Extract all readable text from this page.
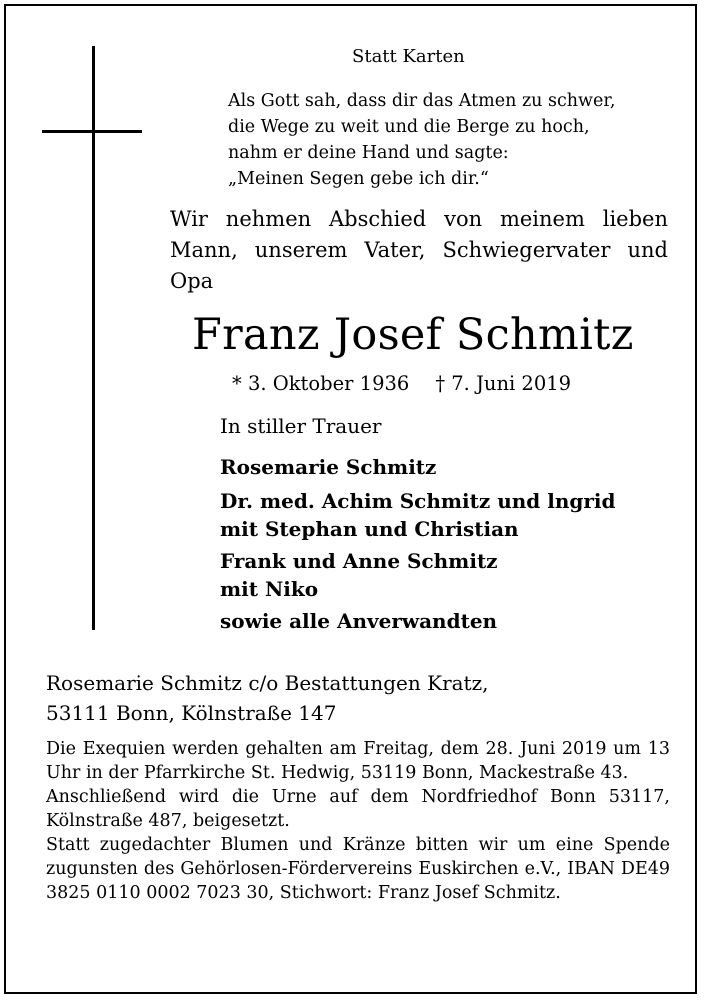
Statt Karten
Als Gott sah, dass dir das Atmen zu schwer,
die Wege zu weit und die Berge zu hoch,
nahm er deine Hand und sagte:
„Meinen Segen gebe ich dir.“
Wir nehmen Abschied von meinem lieben Mann, unserem Vater, Schwiegervater und Opa
Franz Josef Schmitz
* 3. Oktober 1936 † 7. Juni 2019
In stiller Trauer
Rosemarie Schmitz
Dr. med. Achim Schmitz und lngrid
mit Stephan und Christian
Frank und Anne Schmitz
mit Niko
sowie alle Anverwandten
Rosemarie Schmitz c/o Bestattungen Kratz,
53111 Bonn, Kölnstraße 147

Die Exequien werden gehalten am Freitag, dem 28. Juni 2019 um 13 Uhr in der Pfarrkirche St. Hedwig, 53119 Bonn, Mackestraße 43.

Anschließend wird die Urne auf dem Nordfriedhof Bonn 53117, Kölnstraße 487, beigesetzt.

Statt zugedachter Blumen und Kränze bitten wir um eine Spende zugunsten des Gehörlosen-Fördervereins Euskirchen e.V., IBAN DE49 3825 0110 0002 7023 30, Stichwort: Franz Josef Schmitz.
